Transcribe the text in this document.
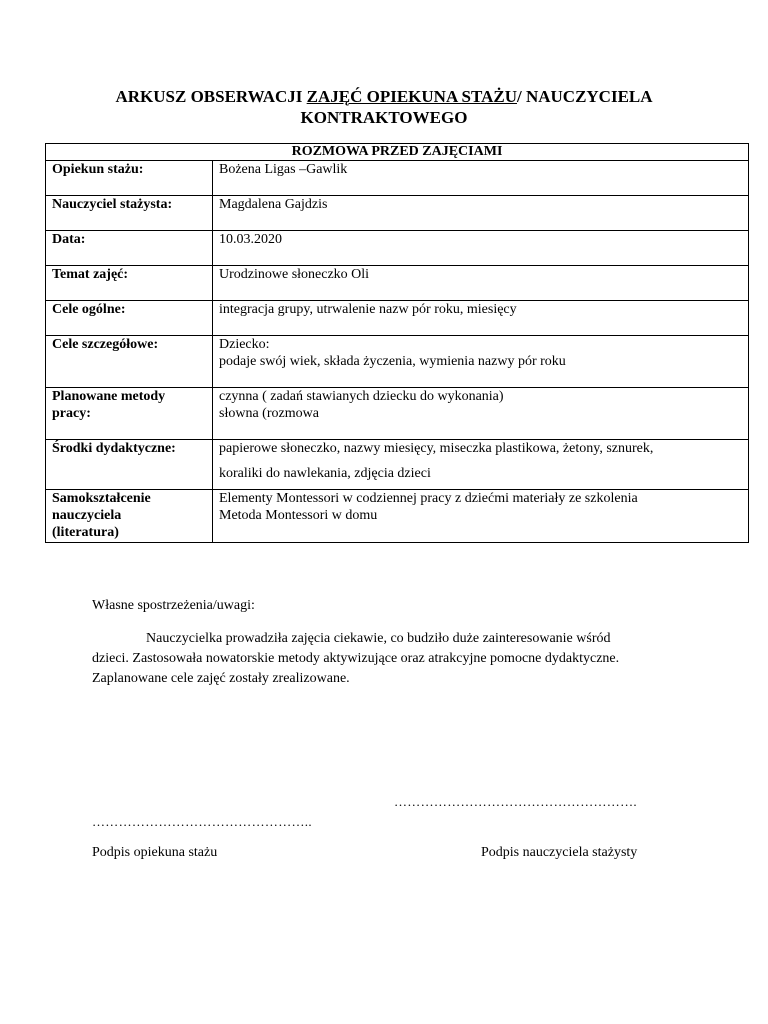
ARKUSZ OBSERWACJI ZAJĘĆ OPIEKUNA STAŻU/ NAUCZYCIELA
KONTRAKTOWEGO
ROZMOWA PRZED ZAJĘCIAMI	
Opiekun stażu:	Bożena Ligas –Gawlik

Nauczyciel stażysta:	Magdalena Gajdzis

Data:	10.03.2020

Temat zajęć:	Urodzinowe słoneczko Oli

Cele ogólne:	integracja grupy, utrwalenie nazw pór roku, miesięcy

Cele szczegółowe:	Dziecko:
podaje swój wiek, składa życzenia, wymienia nazwy pór roku

Planowane metody
pracy:	czynna ( zadań stawianych dziecku do wykonania)
słowna (rozmowa

Środki dydaktyczne:	papierowe słoneczko, nazwy miesięcy, miseczka plastikowa, żetony, sznurek,
koraliki do nawlekania, zdjęcia dzieci

Samokształcenie
nauczyciela
(literatura)	Elementy Montessori w codziennej pracy z dziećmi materiały ze szkolenia
Metoda Montessori w domu
Własne spostrzeżenia/uwagi:
Nauczycielka prowadziła zajęcia ciekawie, co budziło duże zainteresowanie wśród
dzieci. Zastosowała nowatorskie metody aktywizujące oraz atrakcyjne pomocne dydaktyczne.
Zaplanowane cele zajęć zostały zrealizowane.
……………………………………………….
…………………………………………..
Podpis opiekuna stażu	Podpis nauczyciela stażysty
